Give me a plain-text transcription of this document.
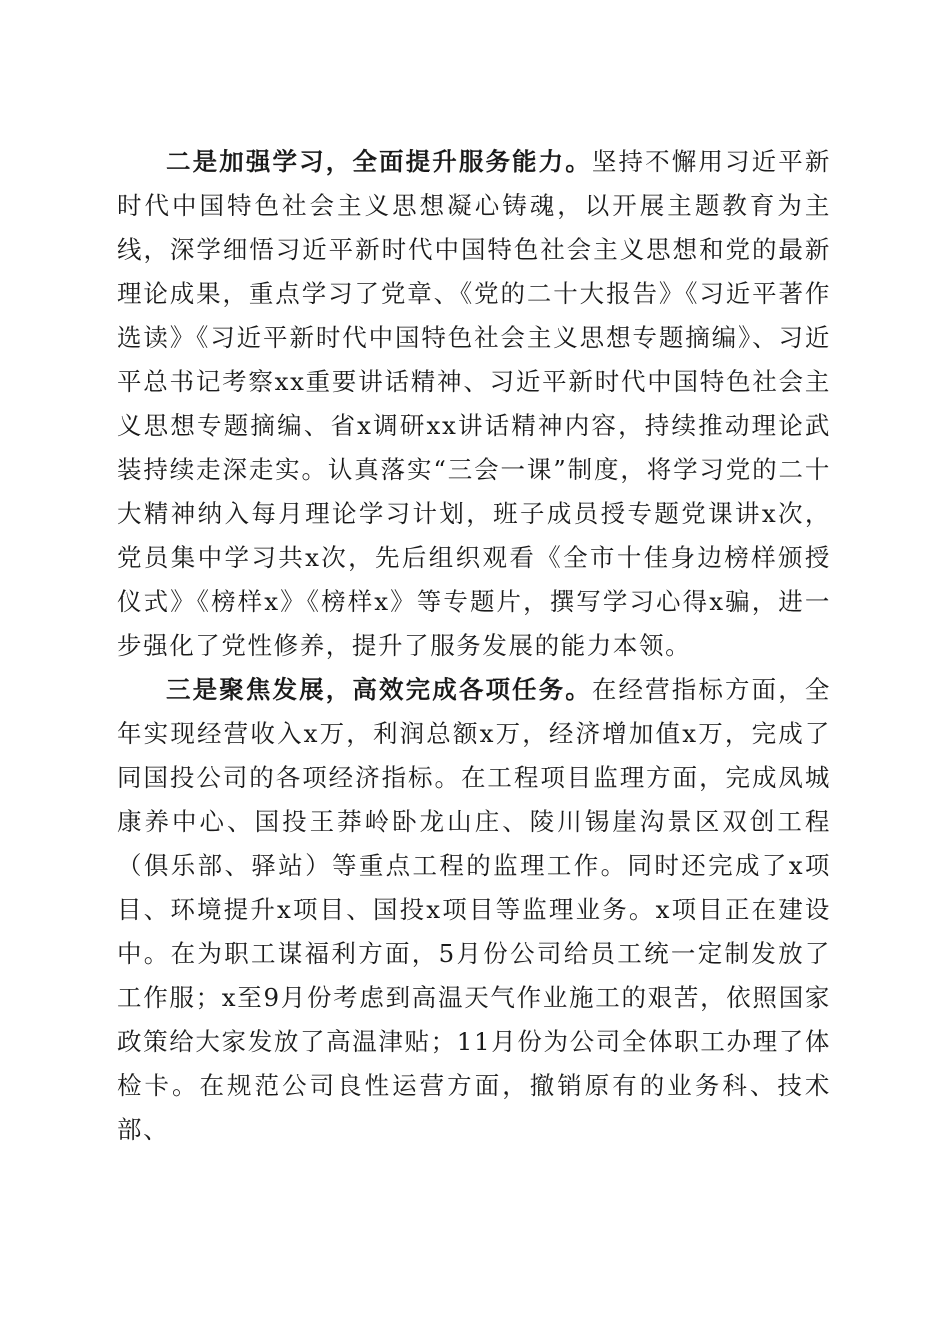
二是加强学习，全面提升服务能力。坚持不懈用习近平新时代中国特色社会主义思想凝心铸魂，以开展主题教育为主线，深学细悟习近平新时代中国特色社会主义思想和党的最新理论成果，重点学习了党章、《党的二十大报告》《习近平著作选读》《习近平新时代中国特色社会主义思想专题摘编》、习近平总书记考察xx重要讲话精神、习近平新时代中国特色社会主义思想专题摘编、省x调研xx讲话精神内容，持续推动理论武装持续走深走实。认真落实“三会一课”制度，将学习党的二十大精神纳入每月理论学习计划，班子成员授专题党课讲x次，党员集中学习共x次，先后组织观看《全市十佳身边榜样颁授仪式》《榜样x》《榜样x》等专题片，撰写学习心得x骗，进一步强化了党性修养，提升了服务发展的能力本领。

三是聚焦发展，高效完成各项任务。在经营指标方面，全年实现经营收入x万，利润总额x万，经济增加值x万，完成了同国投公司的各项经济指标。在工程项目监理方面，完成凤城康养中心、国投王莽岭卧龙山庄、陵川锡崖沟景区双创工程（俱乐部、驿站）等重点工程的监理工作。同时还完成了x项目、环境提升x项目、国投x项目等监理业务。x项目正在建设中。在为职工谋福利方面，5月份公司给员工统一定制发放了工作服；x至9月份考虑到高温天气作业施工的艰苦，依照国家政策给大家发放了高温津贴；11月份为公司全体职工办理了体检卡。在规范公司良性运营方面，撤销原有的业务科、技术部、
